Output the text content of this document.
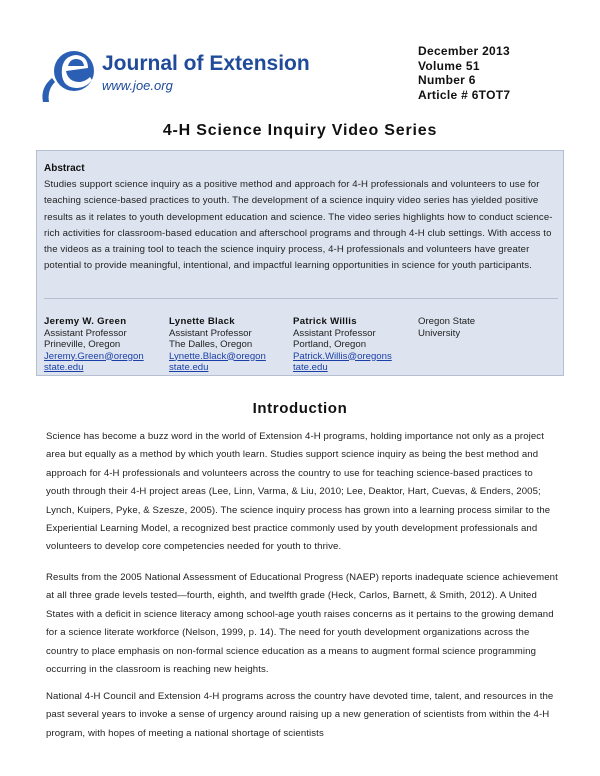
Journal of Extension
www.joe.org
December 2013
Volume 51
Number 6
Article # 6TOT7
4-H Science Inquiry Video Series
Abstract
Studies support science inquiry as a positive method and approach for 4-H professionals and volunteers to use for teaching science-based practices to youth. The development of a science inquiry video series has yielded positive results as it relates to youth development education and science. The video series highlights how to conduct science-rich activities for classroom-based education and afterschool programs and through 4-H club settings. With access to the videos as a training tool to teach the science inquiry process, 4-H professionals and volunteers have greater potential to provide meaningful, intentional, and impactful learning opportunities in science for youth participants.
Jeremy W. Green
Assistant Professor
Prineville, Oregon
Jeremy.Green@oregon
state.edu
Lynette Black
Assistant Professor
The Dalles, Oregon
Lynette.Black@oregon
state.edu
Patrick Willis
Assistant Professor
Portland, Oregon
Patrick.Willis@oregons
tate.edu
Oregon State
University
Introduction
Science has become a buzz word in the world of Extension 4-H programs, holding importance not only as a project area but equally as a method by which youth learn. Studies support science inquiry as being the best method and approach for 4-H professionals and volunteers across the country to use for teaching science-based practices to youth through their 4-H project areas (Lee, Linn, Varma, & Liu, 2010; Lee, Deaktor, Hart, Cuevas, & Enders, 2005; Lynch, Kuipers, Pyke, & Szesze, 2005). The science inquiry process has grown into a learning process similar to the Experiential Learning Model, a recognized best practice commonly used by youth development professionals and volunteers to develop core competencies needed for youth to thrive.
Results from the 2005 National Assessment of Educational Progress (NAEP) reports inadequate science achievement at all three grade levels tested—fourth, eighth, and twelfth grade (Heck, Carlos, Barnett, & Smith, 2012). A United States with a deficit in science literacy among school-age youth raises concerns as it pertains to the growing demand for a science literate workforce (Nelson, 1999, p. 14). The need for youth development organizations across the country to place emphasis on non-formal science education as a means to augment formal science programming occurring in the classroom is reaching new heights.
National 4-H Council and Extension 4-H programs across the country have devoted time, talent, and resources in the past several years to invoke a sense of urgency around raising up a new generation of scientists from within the 4-H program, with hopes of meeting a national shortage of scientists
